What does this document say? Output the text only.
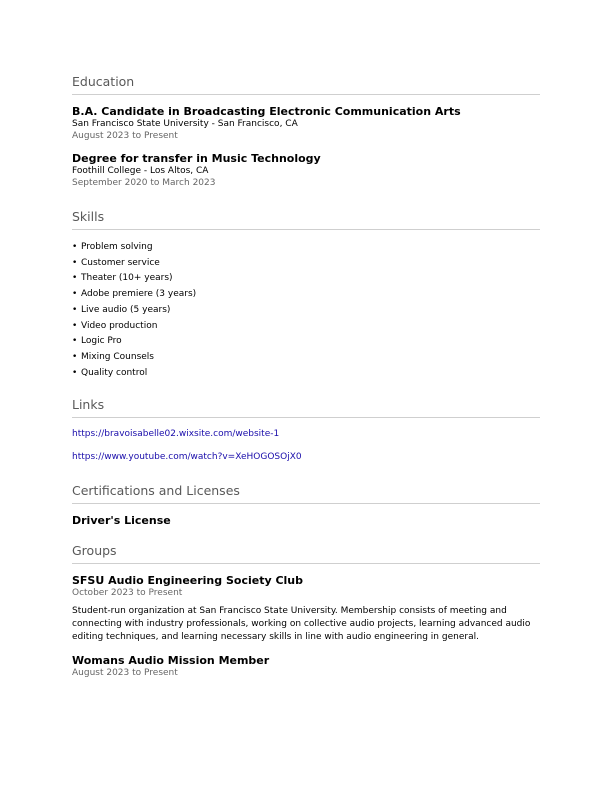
Education

B.A. Candidate in Broadcasting Electronic Communication Arts

San Francisco State University - San Francisco, CA

August 2023 to Present

Degree for transfer in Music Technology

Foothill College - Los Altos, CA

September 2020 to March 2023

Skills
• Problem solving
• Customer service
• Theater (10+ years)
• Adobe premiere (3 years)
• Live audio (5 years)
• Video production
• Logic Pro
• Mixing Counsels
• Quality control
Links
https://bravoisabelle02.wixsite.com/website-1
https://www.youtube.com/watch?v=XeHOGOSOjX0
Certifications and Licenses

Driver's License

Groups

SFSU Audio Engineering Society Club

October 2023 to Present

Student-run organization at San Francisco State University. Membership consists of meeting and connecting with industry professionals, working on collective audio projects, learning advanced audio editing techniques, and learning necessary skills in line with audio engineering in general.

Womans Audio Mission Member

August 2023 to Present
